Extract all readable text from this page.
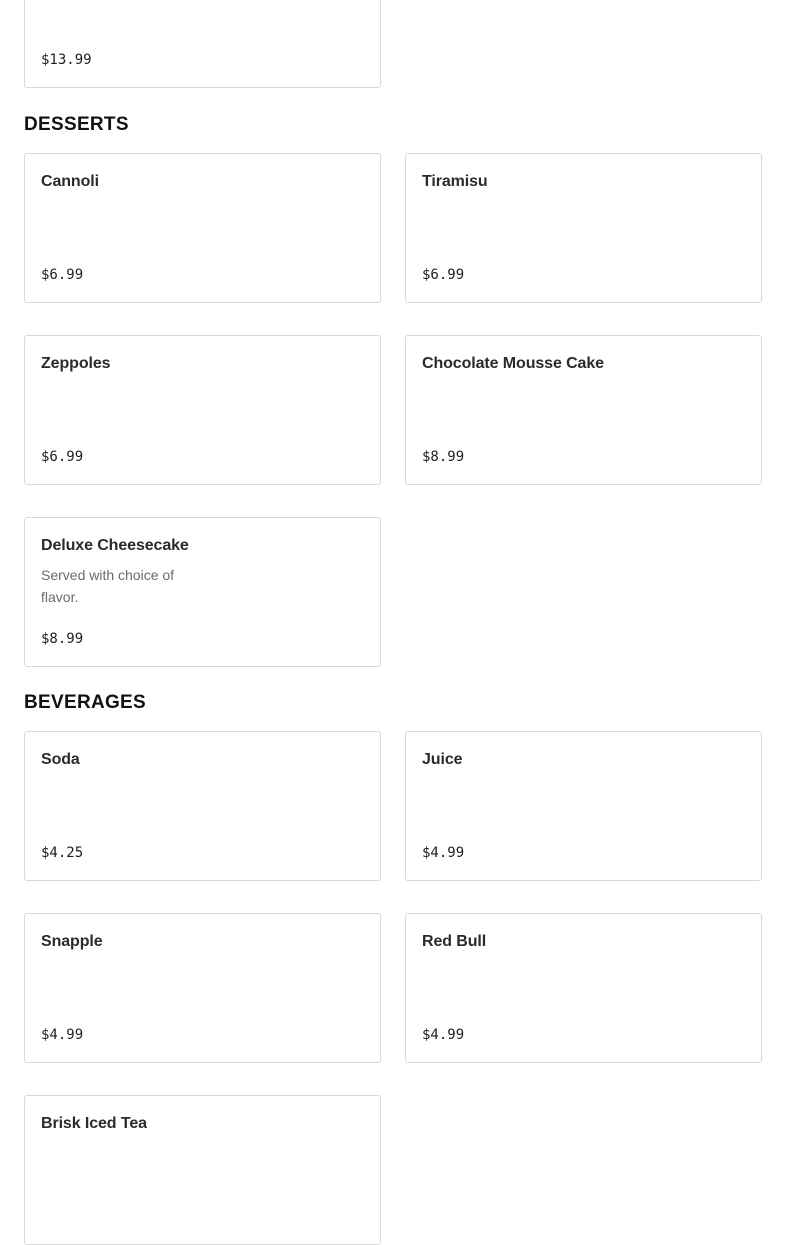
$13.99
DESSERTS
Cannoli
$6.99
Tiramisu
$6.99
Zeppoles
$6.99
Chocolate Mousse Cake
$8.99
Deluxe Cheesecake
Served with choice of flavor.
$8.99
BEVERAGES
Soda
$4.25
Juice
$4.99
Snapple
$4.99
Red Bull
$4.99
Brisk Iced Tea
